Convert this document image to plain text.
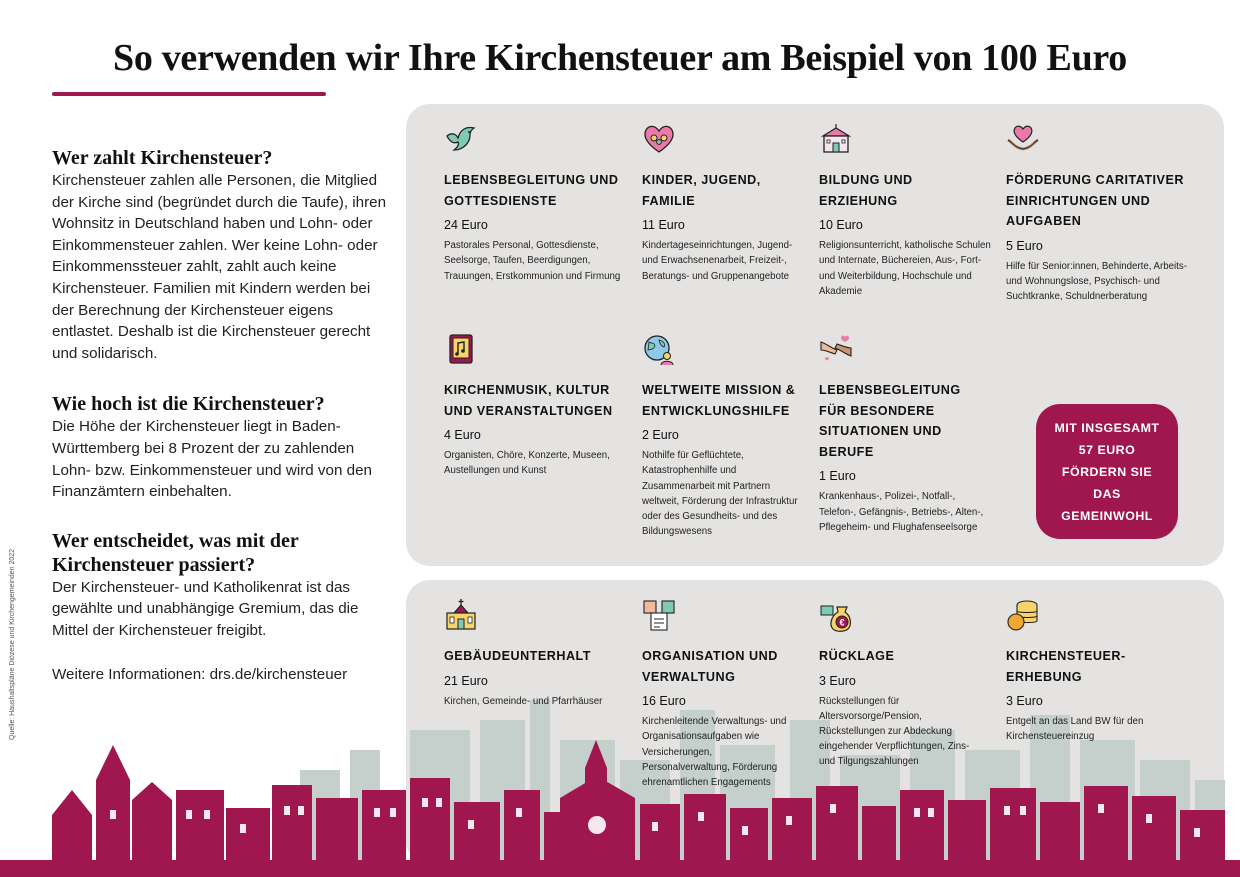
So verwenden wir Ihre Kirchensteuer am Beispiel von 100 Euro
Wer zahlt Kirchensteuer?

Kirchensteuer zahlen alle Personen, die Mitglied der Kirche sind (begründet durch die Taufe), ihren Wohnsitz in Deutschland haben und Lohn- oder Einkommensteuer zahlen. Wer keine Lohn- oder Einkommenssteuer zahlt, zahlt auch keine Kirchensteuer. Familien mit Kindern werden bei der Berechnung der Kirchensteuer eigens entlastet. Deshalb ist die Kirchensteuer gerecht und solidarisch.

Wie hoch ist die Kirchensteuer?

Die Höhe der Kirchensteuer liegt in Baden-Württemberg bei 8 Prozent der zu zahlenden Lohn- bzw. Einkommensteuer und wird von den Finanzämtern einbehalten.

Wer entscheidet, was mit der Kirchensteuer passiert?

Der Kirchensteuer- und Katholikenrat ist das gewählte und unabhängige Gremium, das die Mittel der Kirchensteuer freigibt.

Weitere Informationen: drs.de/kirchensteuer
Quelle: Haushaltspläne Diözese und Kirchengemeinden 2022
LEBENSBEGLEITUNG UND GOTTESDIENSTE
24 Euro
Pastorales Personal, Gottesdienste, Seelsorge, Taufen, Beerdigungen, Trauungen, Erstkommunion und Firmung
KINDER, JUGEND, FAMILIE
11 Euro
Kindertageseinrichtungen, Jugend- und Erwachsenenarbeit, Freizeit-, Beratungs- und Gruppenangebote
BILDUNG UND ERZIEHUNG
10 Euro
Religionsunterricht, katholische Schulen und Internate, Büchereien, Aus-, Fort- und Weiterbildung, Hochschule und Akademie
FÖRDERUNG CARITATIVER EINRICHTUNGEN UND AUFGABEN
5 Euro
Hilfe für Senior:innen, Behinderte, Arbeits- und Wohnungslose, Psychisch- und Suchtkranke, Schuldnerberatung
KIRCHENMUSIK, KULTUR UND VERANSTALTUNGEN
4 Euro
Organisten, Chöre, Konzerte, Museen, Austellungen und Kunst
WELTWEITE MISSION & ENTWICKLUNGSHILFE
2 Euro
Nothilfe für Geflüchtete, Katastrophenhilfe und Zusammenarbeit mit Partnern weltweit, Förderung der Infrastruktur oder des Gesundheits- und des Bildungswesens
LEBENSBEGLEITUNG FÜR BESONDERE SITUATIONEN UND BERUFE
1 Euro
Krankenhaus-, Polizei-, Notfall-, Telefon-, Gefängnis-, Betriebs-, Alten-, Pflegeheim- und Flughafenseelsorge
MIT INSGESAMT 57 EURO FÖRDERN SIE DAS GEMEINWOHL
GEBÄUDEUNTERHALT
21 Euro
Kirchen, Gemeinde- und Pfarrhäuser
ORGANISATION UND VERWALTUNG
16 Euro
Kirchenleitende Verwaltungs- und Organisationsaufgaben wie Versicherungen, Personalverwaltung, Förderung ehrenamtlichen Engagements
€
RÜCKLAGE
3 Euro
Rückstellungen für Altersvorsorge/Pension, Rückstellungen zur Abdeckung eingehender Verpflichtungen, Zins- und Tilgungszahlungen
KIRCHENSTEUER-ERHEBUNG
3 Euro
Entgelt an das Land BW für den Kirchensteuereinzug
